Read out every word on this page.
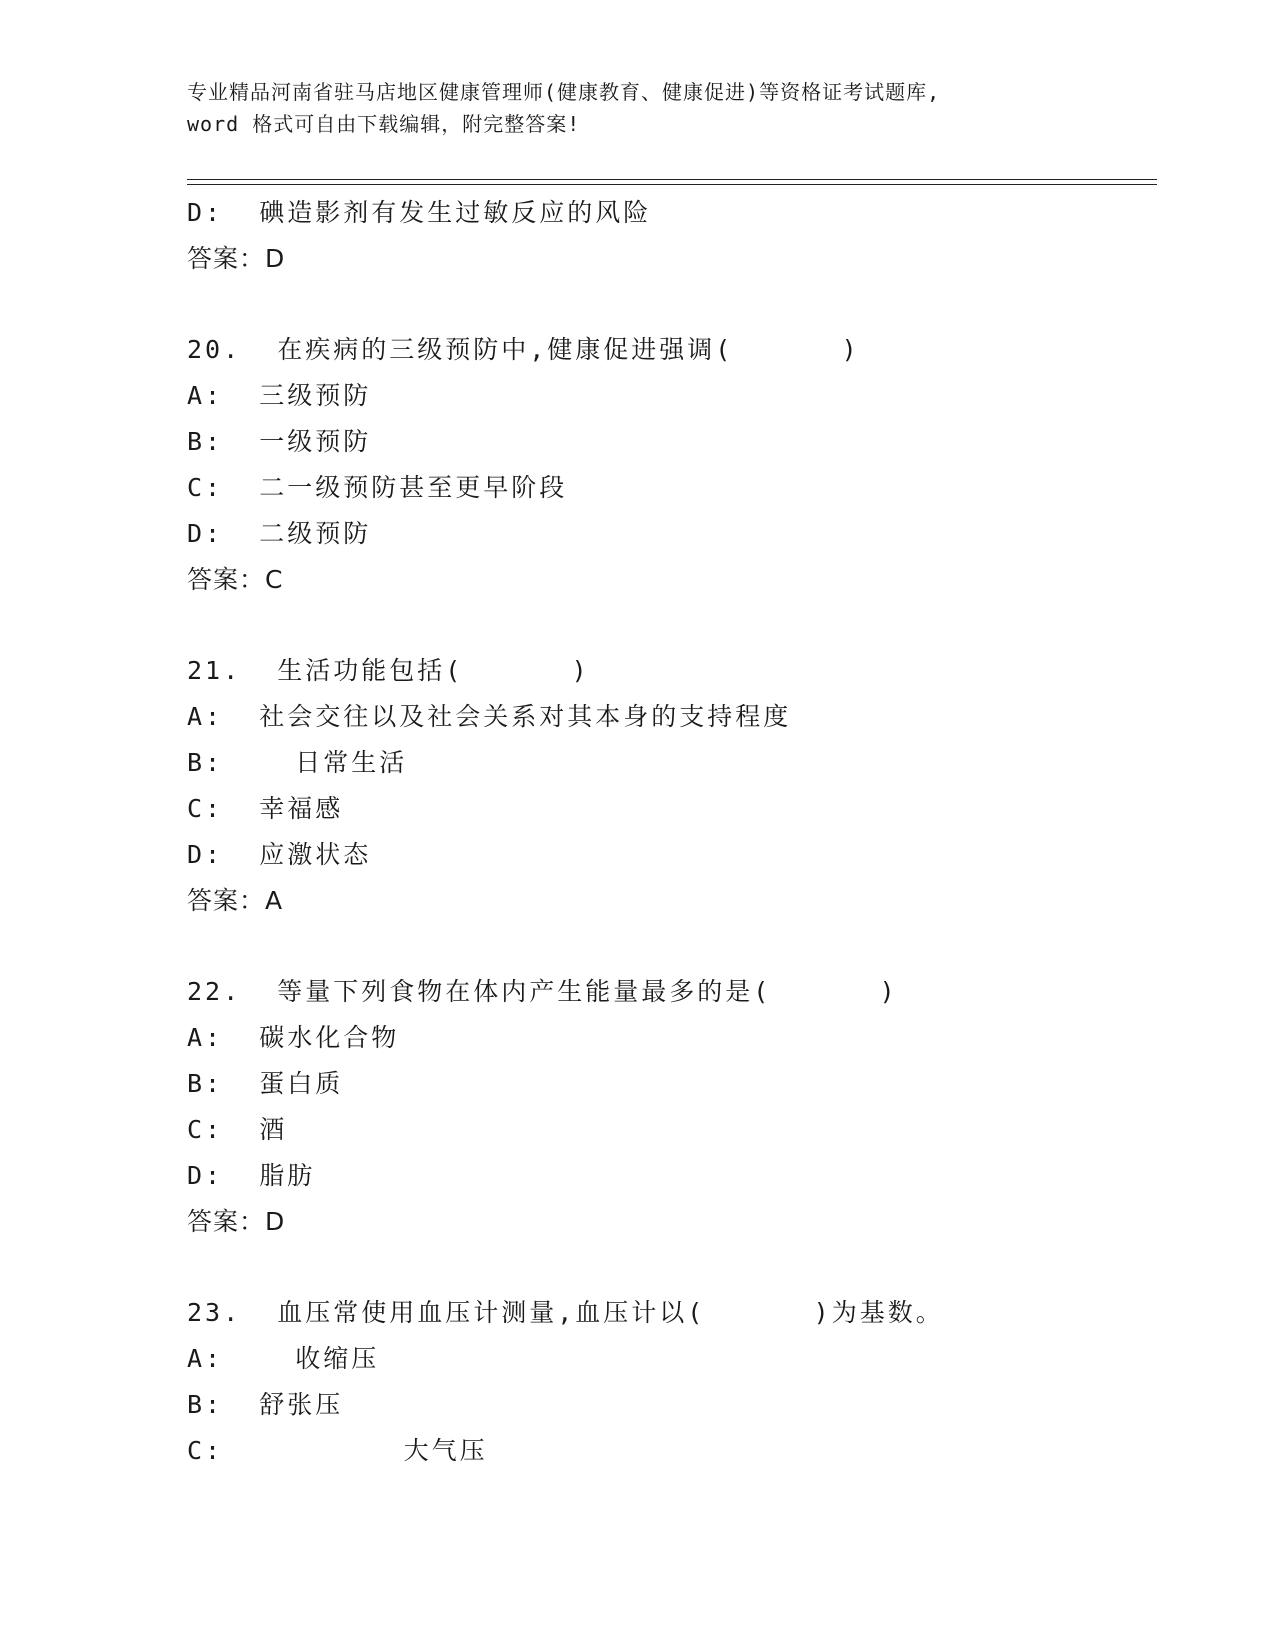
专业精品河南省驻马店地区健康管理师(健康教育、健康促进)等资格证考试题库,
word 格式可自由下载编辑，附完整答案!
D:  碘造影剂有发生过敏反应的风险
答案：D
20.  在疾病的三级预防中,健康促进强调(      )
A:  三级预防
B:  一级预防
C:  二一级预防甚至更早阶段
D:  二级预防
答案：C
21.  生活功能包括(      )
A:  社会交往以及社会关系对其本身的支持程度
B:    日常生活
C:  幸福感
D:  应激状态
答案：A
22.  等量下列食物在体内产生能量最多的是(      )
A:  碳水化合物
B:  蛋白质
C:  酒
D:  脂肪
答案：D
23.  血压常使用血压计测量,血压计以(      )为基数。
A:    收缩压
B:  舒张压
C:          大气压
